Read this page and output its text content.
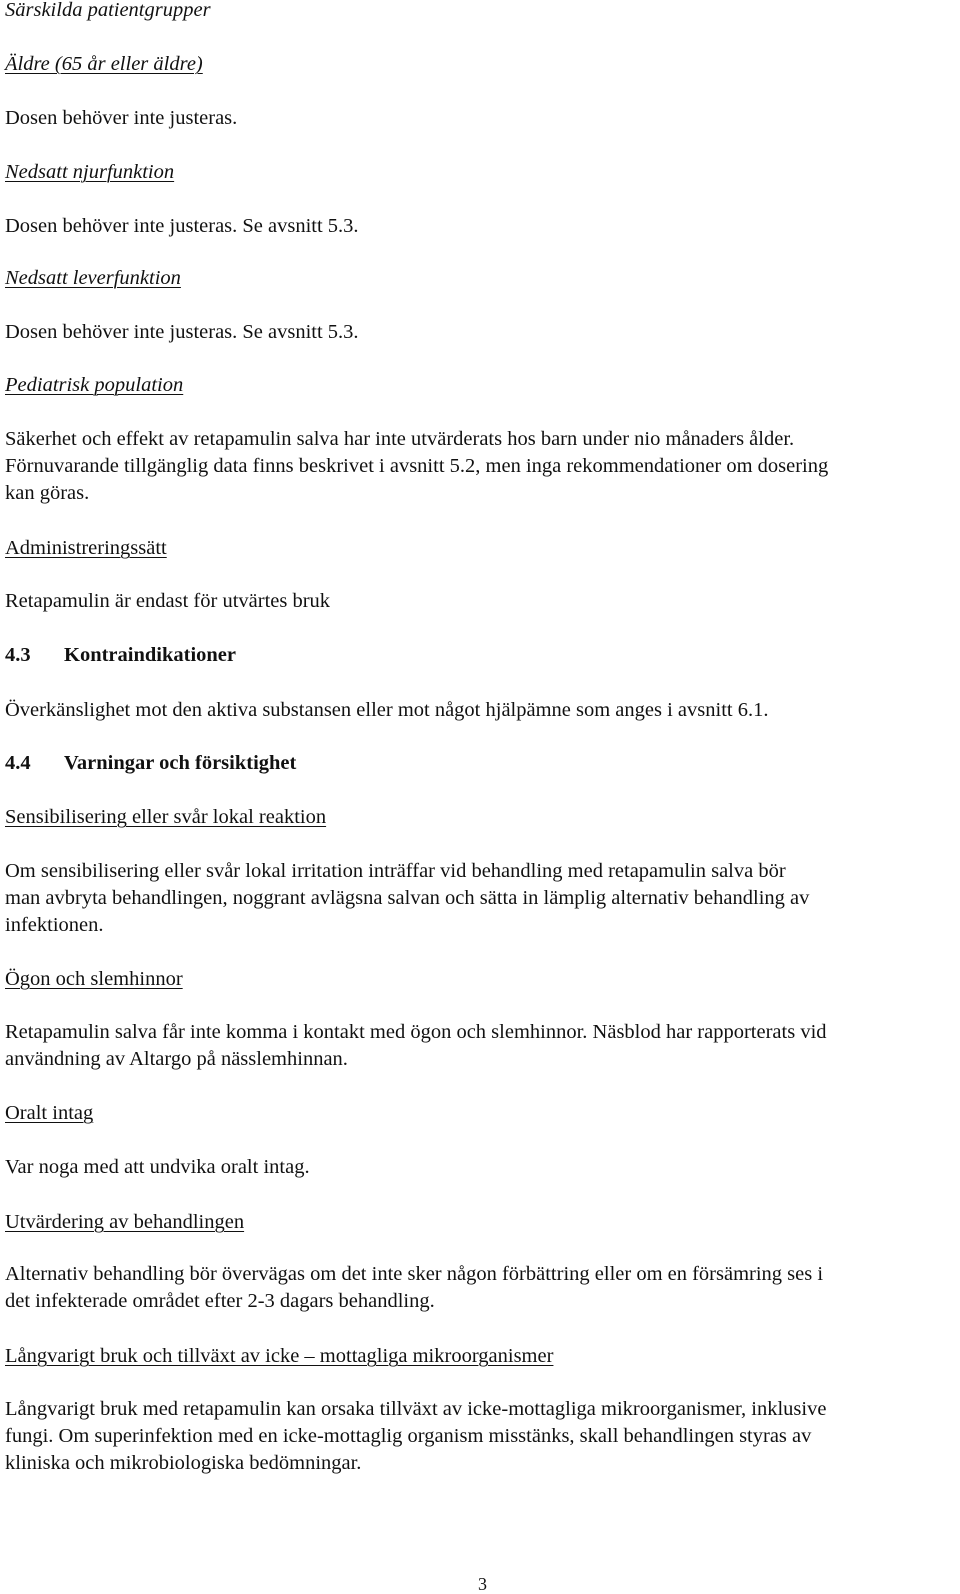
Särskilda patientgrupper
Äldre (65 år eller äldre)
Dosen behöver inte justeras.
Nedsatt njurfunktion
Dosen behöver inte justeras. Se avsnitt 5.3.
Nedsatt leverfunktion
Dosen behöver inte justeras. Se avsnitt 5.3.
Pediatrisk population

Säkerhet och effekt av retapamulin salva har inte utvärderats hos barn under nio månaders ålder.

Förnuvarande tillgänglig data finns beskrivet i avsnitt 5.2, men inga rekommendationer om dosering

kan göras.

Administreringssätt
Retapamulin är endast för utvärtes bruk
4.3 Kontraindikationer
Överkänslighet mot den aktiva substansen eller mot något hjälpämne som anges i avsnitt 6.1.
4.4 Varningar och försiktighet
Sensibilisering eller svår lokal reaktion

Om sensibilisering eller svår lokal irritation inträffar vid behandling med retapamulin salva bör

man avbryta behandlingen, noggrant avlägsna salvan och sätta in lämplig alternativ behandling av

infektionen.

Ögon och slemhinnor

Retapamulin salva får inte komma i kontakt med ögon och slemhinnor. Näsblod har rapporterats vid

användning av Altargo på nässlemhinnan.

Oralt intag

Var noga med att undvika oralt intag.

Utvärdering av behandlingen

Alternativ behandling bör övervägas om det inte sker någon förbättring eller om en försämring ses i

det infekterade området efter 2-3 dagars behandling.

Långvarigt bruk och tillväxt av icke – mottagliga mikroorganismer

Långvarigt bruk med retapamulin kan orsaka tillväxt av icke-mottagliga mikroorganismer, inklusive

fungi. Om superinfektion med en icke-mottaglig organism misstänks, skall behandlingen styras av

kliniska och mikrobiologiska bedömningar.

3
